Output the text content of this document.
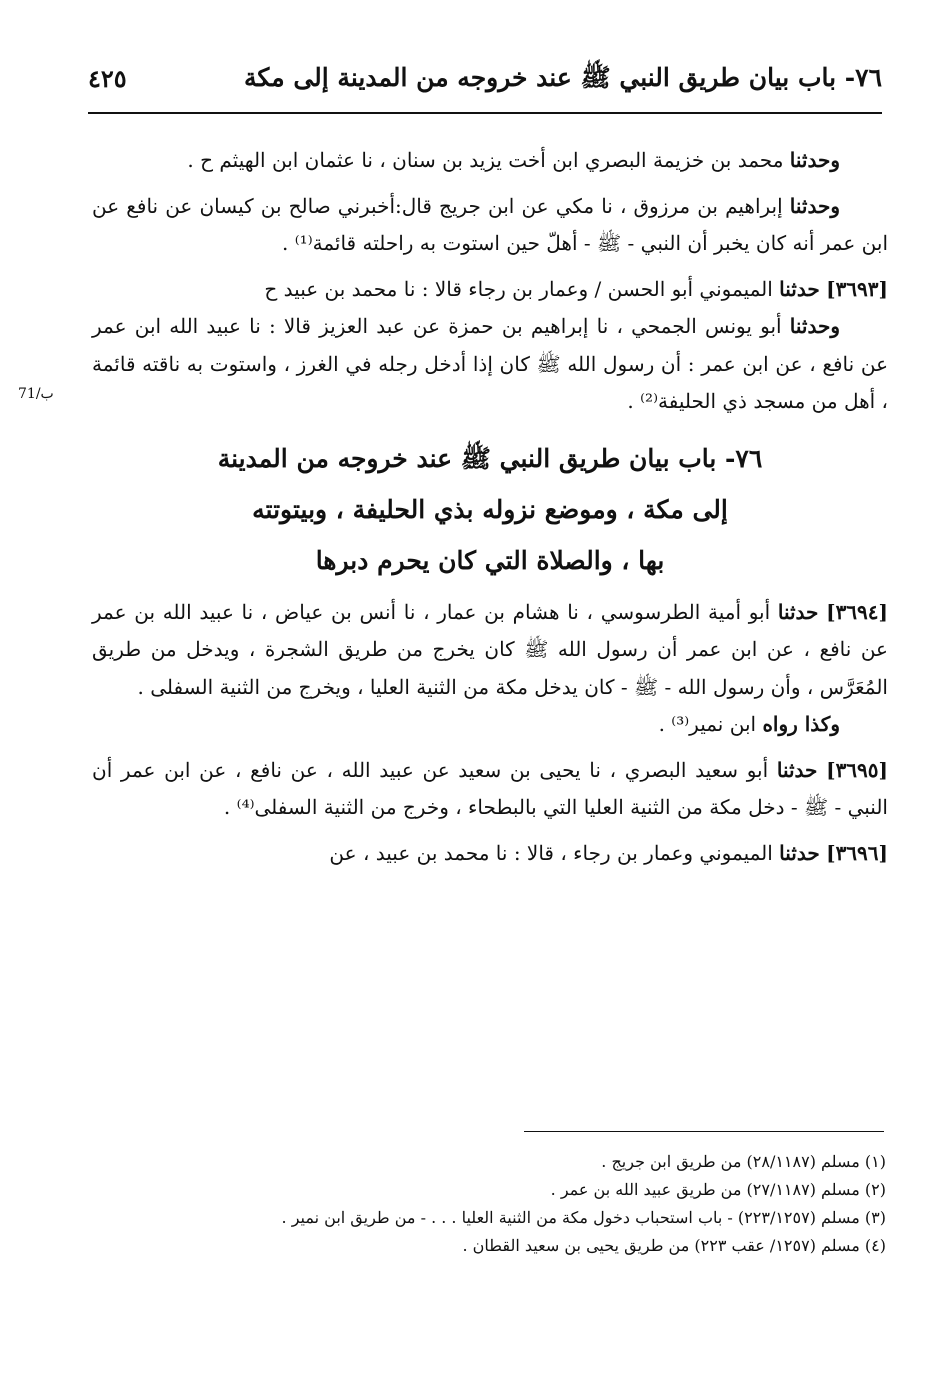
٧٦- باب بيان طريق النبي ﷺ عند خروجه من المدينة إلى مكة
٤٢٥
71/ب

وحدثنا محمد بن خزيمة البصري ابن أخت يزيد بن سنان ، نا عثمان ابن الهيثم ح .

وحدثنا إبراهيم بن مرزوق ، نا مكي عن ابن جريج قال:أخبرني صالح بن كيسان عن نافع عن ابن عمر أنه كان يخبر أن النبي - ﷺ - أهلّ حين استوت به راحلته قائمة⁽¹⁾ .

[٣٦٩٣] حدثنا الميموني أبو الحسن / وعمار بن رجاء قالا : نا محمد بن عبيد ح

وحدثنا أبو يونس الجمحي ، نا إبراهيم بن حمزة عن عبد العزيز قالا : نا عبيد الله ابن عمر عن نافع ، عن ابن عمر : أن رسول الله ﷺ كان إذا أدخل رجله في الغرز ، واستوت به ناقته قائمة ، أهل من مسجد ذي الحليفة⁽²⁾ .

٧٦- باب بيان طريق النبي ﷺ عند خروجه من المدينة
إلى مكة ، وموضع نزوله بذي الحليفة ، وبيتوتته
بها ، والصلاة التي كان يحرم دبرها

[٣٦٩٤] حدثنا أبو أمية الطرسوسي ، نا هشام بن عمار ، نا أنس بن عياض ، نا عبيد الله بن عمر عن نافع ، عن ابن عمر أن رسول الله ﷺ كان يخرج من طريق الشجرة ، ويدخل من طريق المُعَرَّس ، وأن رسول الله - ﷺ - كان يدخل مكة من الثنية العليا ، ويخرج من الثنية السفلى .

وكذا رواه ابن نمير⁽³⁾ .

[٣٦٩٥] حدثنا أبو سعيد البصري ، نا يحيى بن سعيد عن عبيد الله ، عن نافع ، عن ابن عمر أن النبي - ﷺ - دخل مكة من الثنية العليا التي بالبطحاء ، وخرج من الثنية السفلى⁽⁴⁾ .

[٣٦٩٦] حدثنا الميموني وعمار بن رجاء ، قالا : نا محمد بن عبيد ، عن

(١) مسلم (٢٨/١١٨٧) من طريق ابن جريج .

(٢) مسلم (٢٧/١١٨٧) من طريق عبيد الله بن عمر .

(٣) مسلم (٢٢٣/١٢٥٧) - باب استحباب دخول مكة من الثنية العليا . . . - من طريق ابن نمير .

(٤) مسلم (١٢٥٧/ عقب ٢٢٣) من طريق يحيى بن سعيد القطان .
